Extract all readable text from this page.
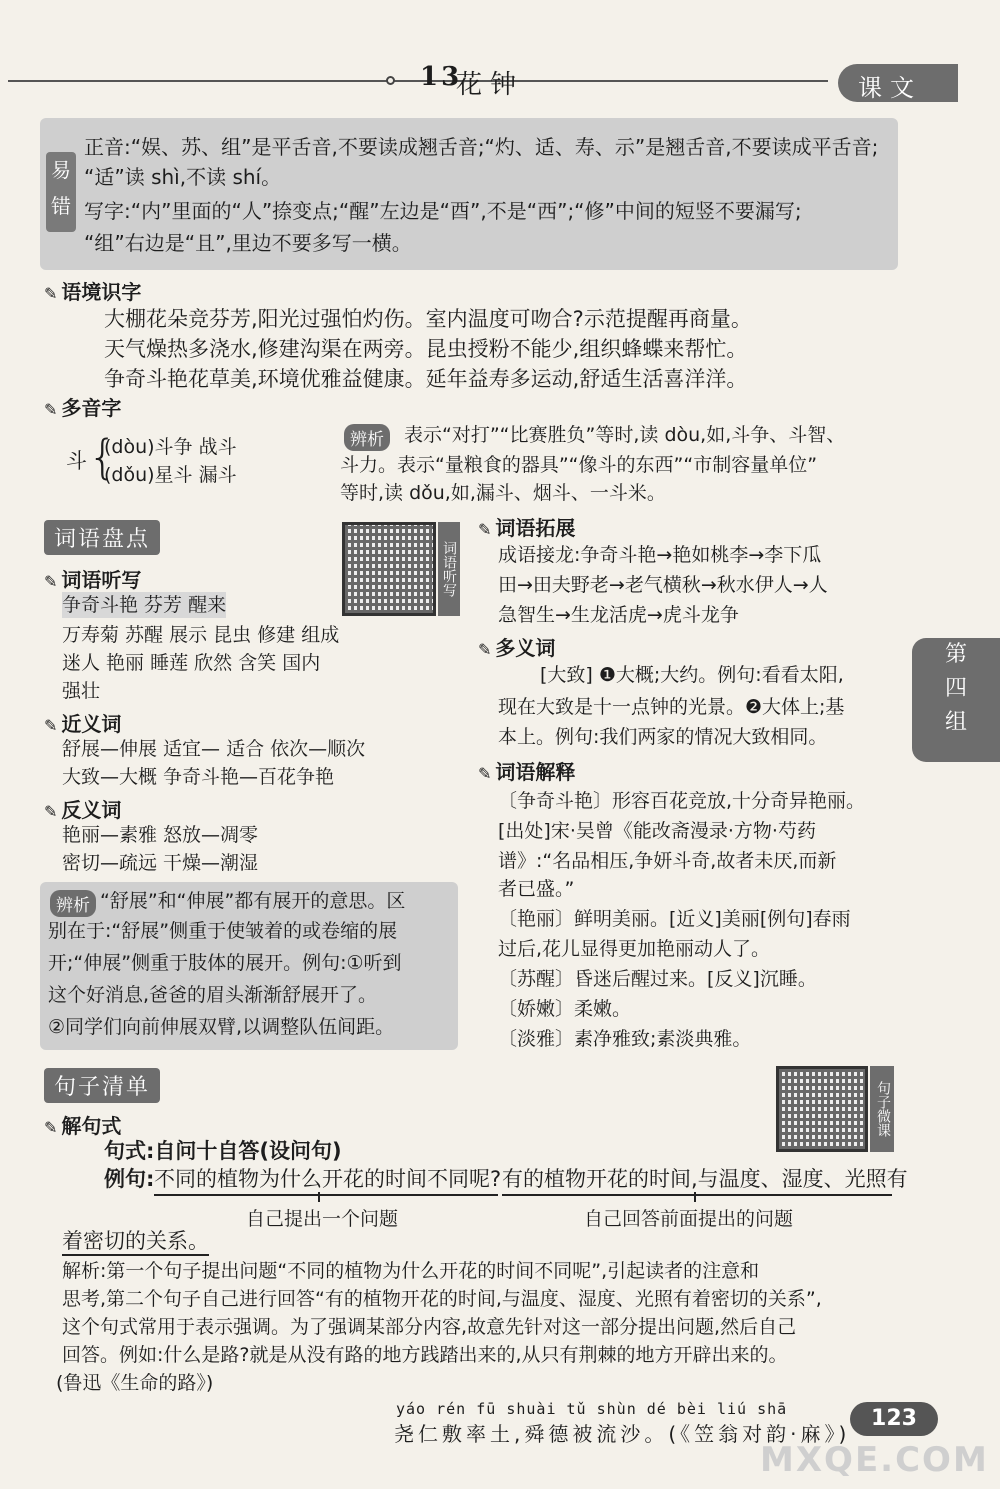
13
花钟	课文
易错
正音:“娱、苏、组”是平舌音,不要读成翘舌音;“灼、适、寿、示”是翘舌音,不要读成平舌音;
“适”读 shì,不读 shí。
写字:“内”里面的“人”捺变点;“醒”左边是“酉”,不是“西”;“修”中间的短竖不要漏写;
“组”右边是“且”,里边不要多写一横。
✎ 语境识字
大棚花朵竞芬芳,阳光过强怕灼伤。室内温度可吻合?示范提醒再商量。
天气燥热多浇水,修建沟渠在两旁。昆虫授粉不能少,组织蜂蝶来帮忙。
争奇斗艳花草美,环境优雅益健康。延年益寿多运动,舒适生活喜洋洋。
✎ 多音字
斗 {
(dòu)斗争 战斗
(dǒu)星斗 漏斗
辨析	表示“对打”“比赛胜负”等时,读 dòu,如,斗争、斗智、
斗力。表示“量粮食的器具”“像斗的东西”“市制容量单位”
等时,读 dǒu,如,漏斗、烟斗、一斗米。
词语盘点
词语听写
✎ 词语听写
争奇斗艳 芬芳 醒来
万寿菊 苏醒 展示 昆虫 修建 组成
迷人 艳丽 睡莲 欣然 含笑 国内
强壮
✎ 近义词
舒展—伸展 适宜— 适合 依次—顺次
大致—大概 争奇斗艳—百花争艳
✎ 反义词
艳丽—素雅 怒放—凋零
密切—疏远 干燥—潮湿
辨析 “舒展”和“伸展”都有展开的意思。区
别在于:“舒展”侧重于使皱着的或卷缩的展
开;“伸展”侧重于肢体的展开。例句:①听到
这个好消息,爸爸的眉头渐渐舒展开了。
②同学们向前伸展双臂,以调整队伍间距。
✎ 词语拓展
成语接龙:争奇斗艳→艳如桃李→李下瓜
田→田夫野老→老气横秋→秋水伊人→人
急智生→生龙活虎→虎斗龙争
✎ 多义词
[大致] ❶大概;大约。例句:看看太阳,
现在大致是十一点钟的光景。❷大体上;基
本上。例句:我们两家的情况大致相同。
✎ 词语解释
〔争奇斗艳〕形容百花竞放,十分奇异艳丽。
[出处]宋·吴曾《能改斋漫录·方物·芍药
谱》:“名品相压,争妍斗奇,故者未厌,而新
者已盛。”
〔艳丽〕鲜明美丽。[近义]美丽[例句]春雨
过后,花儿显得更加艳丽动人了。
〔苏醒〕昏迷后醒过来。[反义]沉睡。
〔娇嫩〕柔嫩。
〔淡雅〕素净雅致;素淡典雅。
第
四
组
句子清单	句子微课
✎ 解句式
句式:自问十自答(设问句)
例句: 不同的植物为什么开花的时间不同呢? 有的植物开花的时间,与温度、湿度、光照有
自己提出一个问题	自己回答前面提出的问题
着密切的关系。
解析:第一个句子提出问题“不同的植物为什么开花的时间不同呢”,引起读者的注意和
思考,第二个句子自己进行回答“有的植物开花的时间,与温度、湿度、光照有着密切的关系”,
这个句式常用于表示强调。为了强调某部分内容,故意先针对这一部分提出问题,然后自己
回答。例如:什么是路?就是从没有路的地方践踏出来的,从只有荆棘的地方开辟出来的。
(鲁迅《生命的路》)
yáo rén fū shuài tǔ shùn dé bèi liú shā
尧仁敷率土,舜德被流沙。(《笠翁对韵·麻》)
123
MXQE.COM
